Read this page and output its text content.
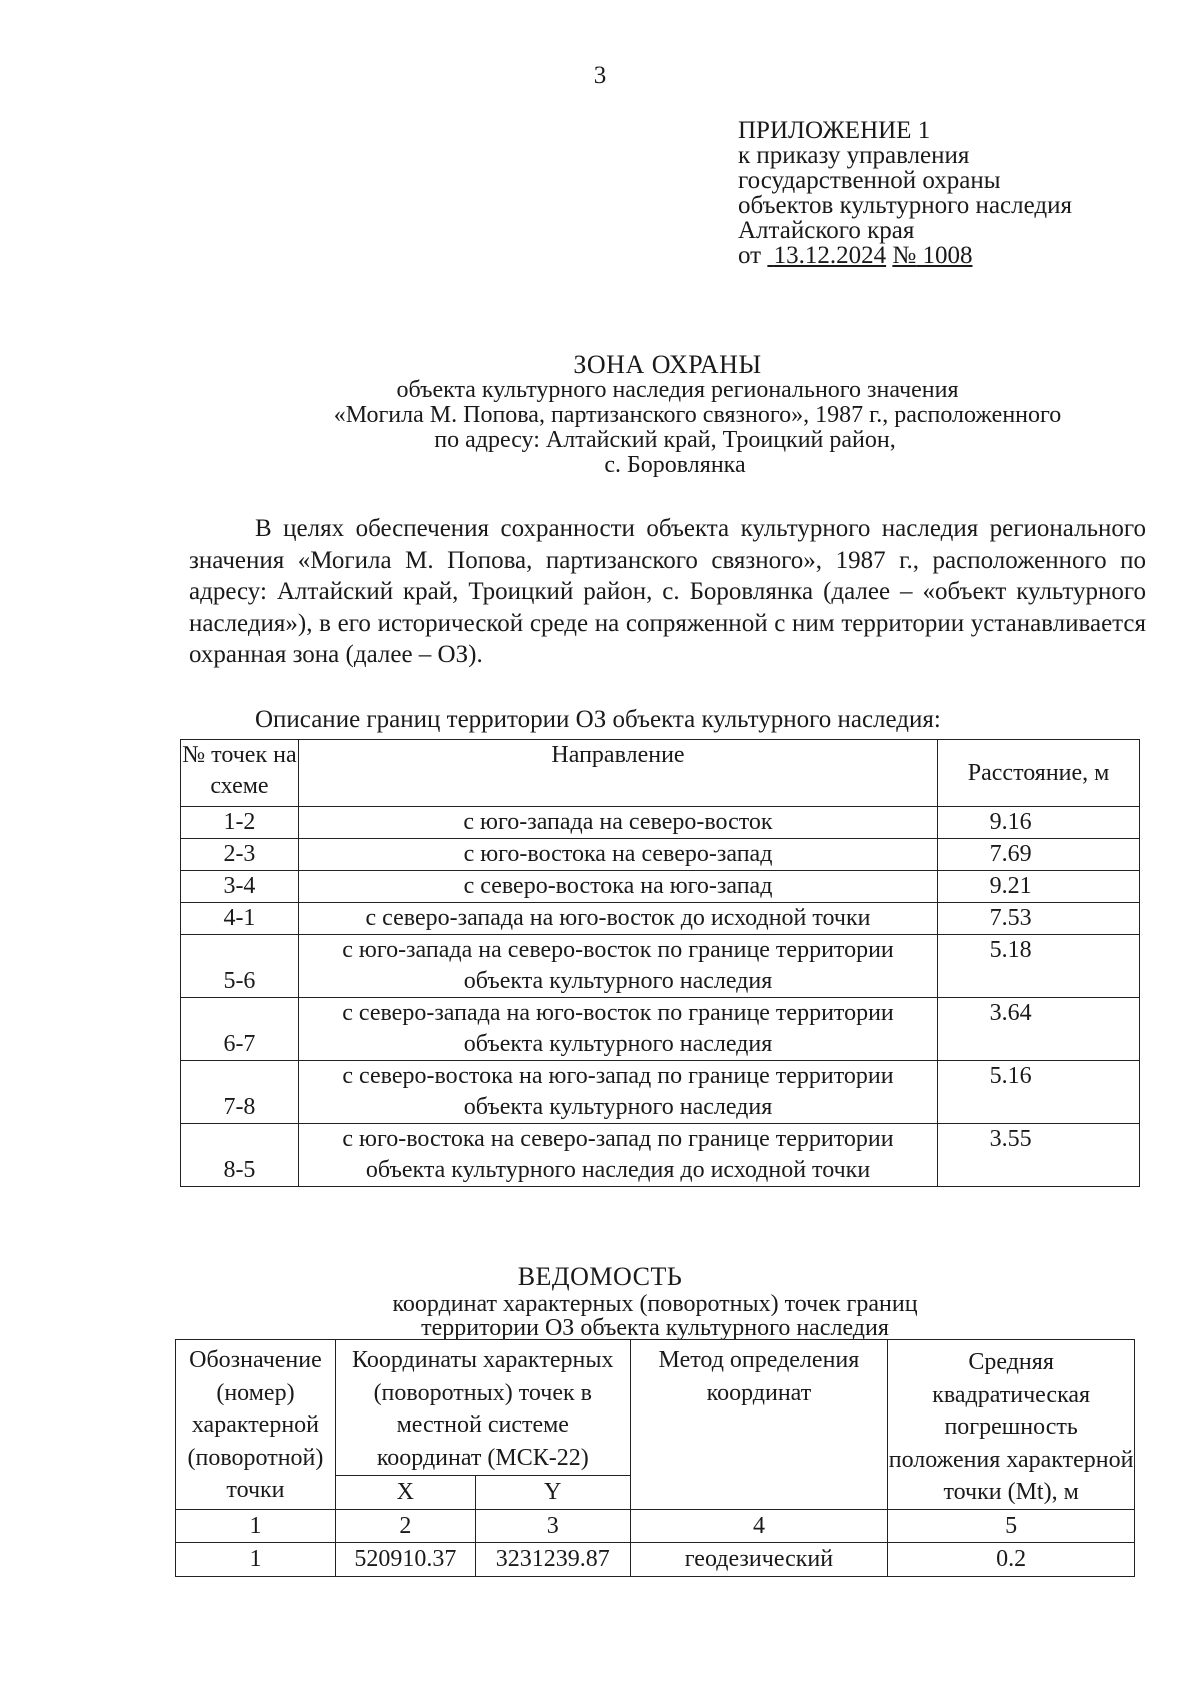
3
ПРИЛОЖЕНИЕ 1
к приказу управления
государственной охраны
объектов культурного наследия
Алтайского края
от 13.12.2024 № 1008
ЗОНА ОХРАНЫ
объекта культурного наследия регионального значения
«Могила М. Попова, партизанского связного», 1987 г., расположенного
по адресу: Алтайский край, Троицкий район,
с. Боровлянка

В целях обеспечения сохранности объекта культурного наследия регионального значения «Могила М. Попова, партизанского связного», 1987 г., расположенного по адресу: Алтайский край, Троицкий район, с. Боровлянка (далее – «объект культурного наследия»), в его исторической среде на сопряженной с ним территории устанавливается охранная зона (далее – ОЗ).

Описание границ территории ОЗ объекта культурного наследия:
№ точек на схеме	Направление	Расстояние, м
1-2	с юго-запада на северо-восток	9.16
2-3	с юго-востока на северо-запад	7.69
3-4	с северо-востока на юго-запад	9.21
4-1	с северо-запада на юго-восток до исходной точки	7.53
5-6	с юго-запада на северо-восток по границе территории объекта культурного наследия	5.18
6-7	с северо-запада на юго-восток по границе территории объекта культурного наследия	3.64
7-8	с северо-востока на юго-запад по границе территории объекта культурного наследия	5.16
8-5	с юго-востока на северо-запад по границе территории объекта культурного наследия до исходной точки	3.55
ВЕДОМОСТЬ
координат характерных (поворотных) точек границ
территории ОЗ объекта культурного наследия
Обозначение (номер) характерной (поворотной) точки	Координаты характерных (поворотных) точек в местной системе координат (МСК-22)		Метод определения координат	Средняя квадратическая погрешность положения характерной точки (Mt), м
	X	Y		
1	2	3	4	5
1	520910.37	3231239.87	геодезический	0.2
